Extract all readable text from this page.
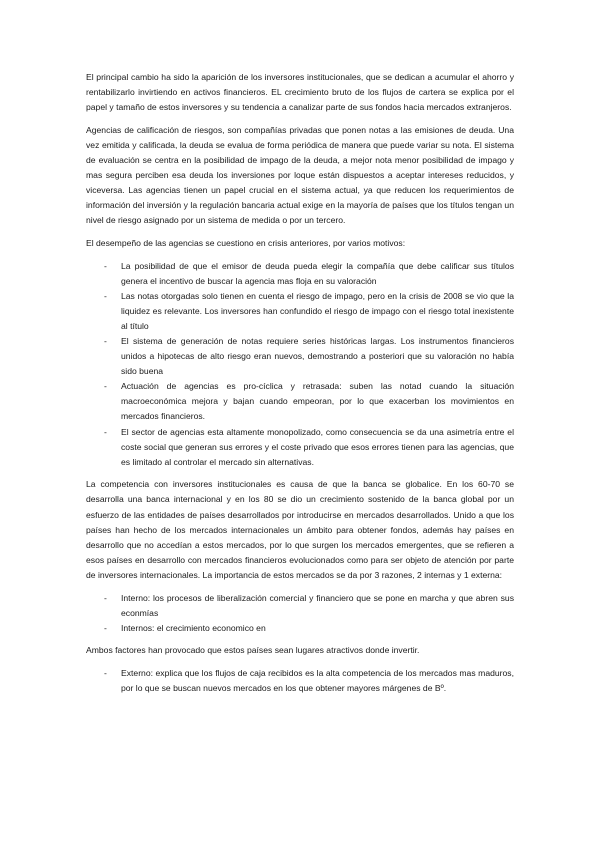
El principal cambio ha sido la aparición de los inversores institucionales, que se dedican a acumular el ahorro y rentabilizarlo invirtiendo en activos financieros. EL crecimiento bruto de los flujos de cartera se explica por el papel y tamaño de estos inversores y su tendencia a canalizar parte de sus fondos hacia mercados extranjeros.

Agencias de calificación de riesgos, son compañías privadas que ponen notas a las emisiones de deuda. Una vez emitida y calificada, la deuda se evalua de forma periódica de manera que puede variar su nota. El sistema de evaluación se centra en la posibilidad de impago de la deuda, a mejor nota menor posibilidad de impago y mas segura perciben esa deuda los inversiones por loque están dispuestos a aceptar intereses reducidos, y viceversa. Las agencias tienen un papel crucial en el sistema actual, ya que reducen los requerimientos de información del inversión y la regulación bancaria actual exige en la mayoría de países que los títulos tengan un nivel de riesgo asignado por un sistema de medida o por un tercero.

El desempeño de las agencias se cuestiono en crisis anteriores, por varios motivos:

- La posibilidad de que el emisor de deuda pueda elegir la compañía que debe calificar sus títulos genera el incentivo de buscar la agencia mas floja en su valoración
- Las notas otorgadas solo tienen en cuenta el riesgo de impago, pero en la crisis de 2008 se vio que la liquidez es relevante. Los inversores han confundido el riesgo de impago con el riesgo total inexistente al título
- El sistema de generación de notas requiere series históricas largas. Los instrumentos financieros unidos a hipotecas de alto riesgo eran nuevos, demostrando a posteriori que su valoración no había sido buena
- Actuación de agencias es pro-cíclica y retrasada: suben las notad cuando la situación macroeconómica mejora y bajan cuando empeoran, por lo que exacerban los movimientos en mercados financieros.
- El sector de agencias esta altamente monopolizado, como consecuencia se da una asimetría entre el coste social que generan sus errores y el coste privado que esos errores tienen para las agencias, que es limitado al controlar el mercado sin alternativas.

La competencia con inversores institucionales es causa de que la banca se globalice. En los 60-70 se desarrolla una banca internacional y en los 80 se dio un crecimiento sostenido de la banca global por un esfuerzo de las entidades de países desarrollados por introducirse en mercados desarrollados. Unido a que los países han hecho de los mercados internacionales un ámbito para obtener fondos, además hay países en desarrollo que no accedían a estos mercados, por lo que surgen los mercados emergentes, que se refieren a esos países en desarrollo con mercados financieros evolucionados como para ser objeto de atención por parte de inversores internacionales. La importancia de estos mercados se da por 3 razones, 2 internas y 1 externa:

- Interno: los procesos de liberalización comercial y financiero que se pone en marcha y que abren sus econmías
- Internos: el crecimiento economico en

Ambos factores han provocado que estos países sean lugares atractivos donde invertir.

- Externo: explica que los flujos de caja recibidos es la alta competencia de los mercados mas maduros, por lo que se buscan nuevos mercados en los que obtener mayores márgenes de Bº.
